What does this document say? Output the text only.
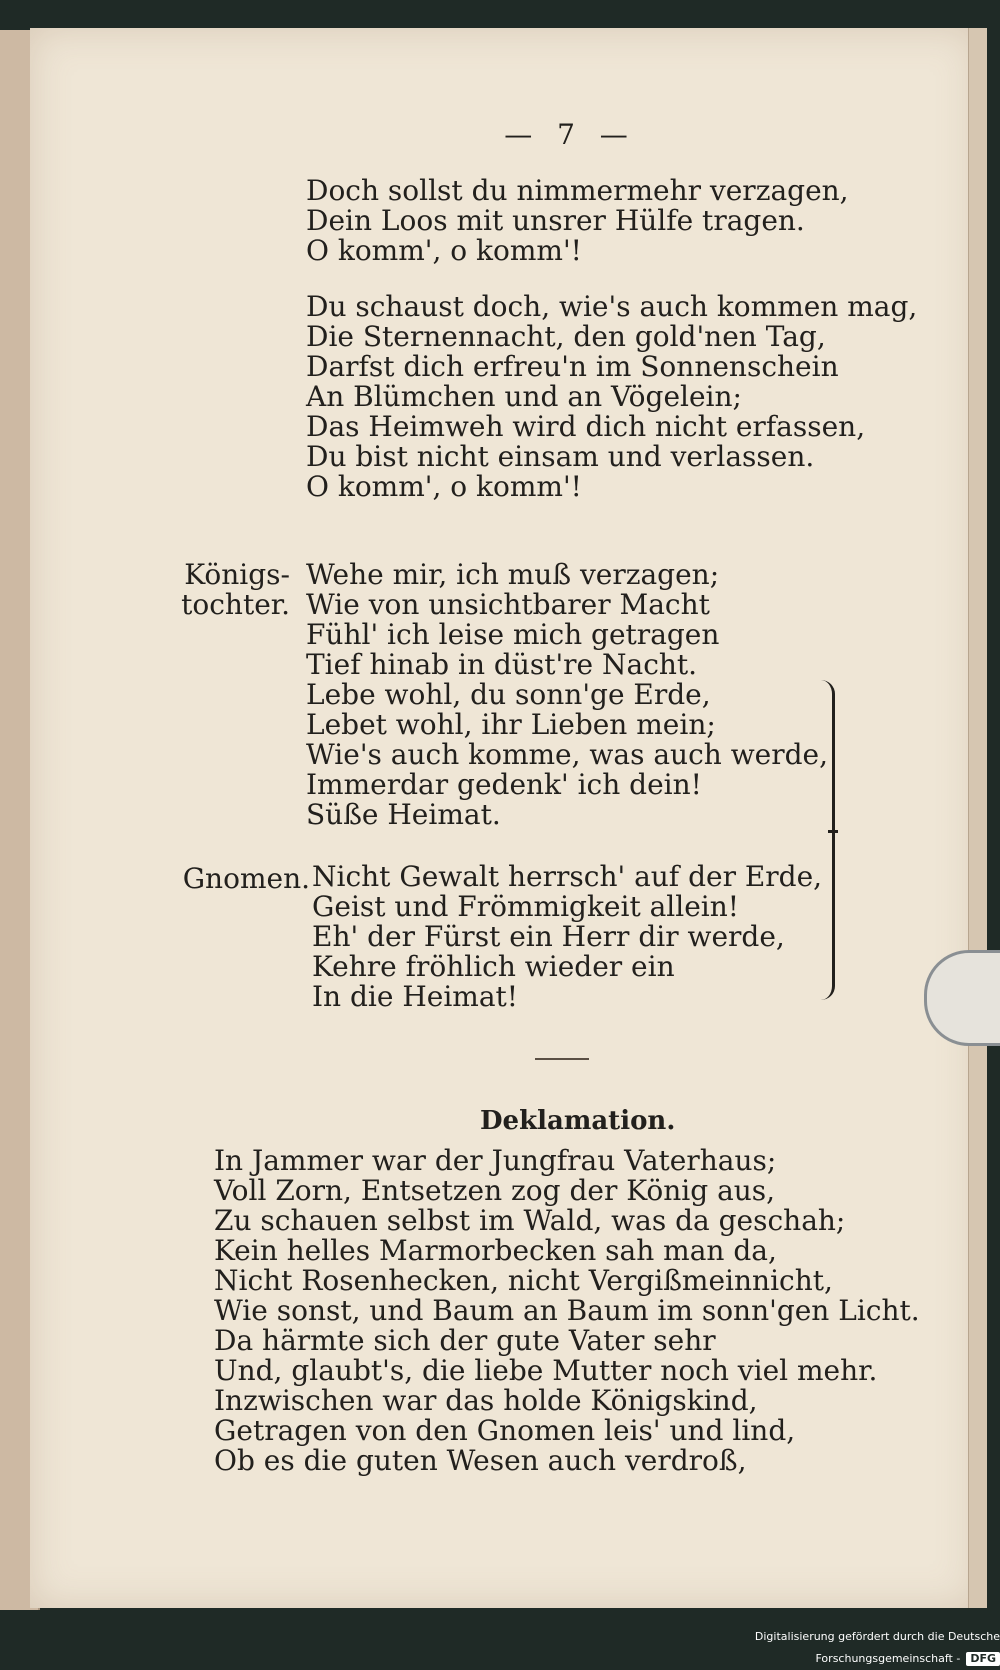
— 7 —
Doch sollst du nimmermehr verzagen,
Dein Loos mit unsrer Hülfe tragen.
O komm', o komm'!
Du schaust doch, wie's auch kommen mag,
Die Sternennacht, den gold'nen Tag,
Darfst dich erfreu'n im Sonnenschein
An Blümchen und an Vögelein;
Das Heimweh wird dich nicht erfassen,
Du bist nicht einsam und verlassen.
O komm', o komm'!
Königs-
tochter.
Wehe mir, ich muß verzagen;
Wie von unsichtbarer Macht
Fühl' ich leise mich getragen
Tief hinab in düst're Nacht.
Lebe wohl, du sonn'ge Erde,
Lebet wohl, ihr Lieben mein;
Wie's auch komme, was auch werde,
Immerdar gedenk' ich dein!
Süße Heimat.
Gnomen. Nicht Gewalt herrsch' auf der Erde,
Geist und Frömmigkeit allein!
Eh' der Fürst ein Herr dir werde,
Kehre fröhlich wieder ein
In die Heimat!
Deklamation.
In Jammer war der Jungfrau Vaterhaus;
Voll Zorn, Entsetzen zog der König aus,
Zu schauen selbst im Wald, was da geschah;
Kein helles Marmorbecken sah man da,
Nicht Rosenhecken, nicht Vergißmeinnicht,
Wie sonst, und Baum an Baum im sonn'gen Licht.
Da härmte sich der gute Vater sehr
Und, glaubt's, die liebe Mutter noch viel mehr.
Inzwischen war das holde Königskind,
Getragen von den Gnomen leis' und lind,
Ob es die guten Wesen auch verdroß,
Digitalisierung gefördert durch die Deutsche Forschungsgemeinschaft - DFG
